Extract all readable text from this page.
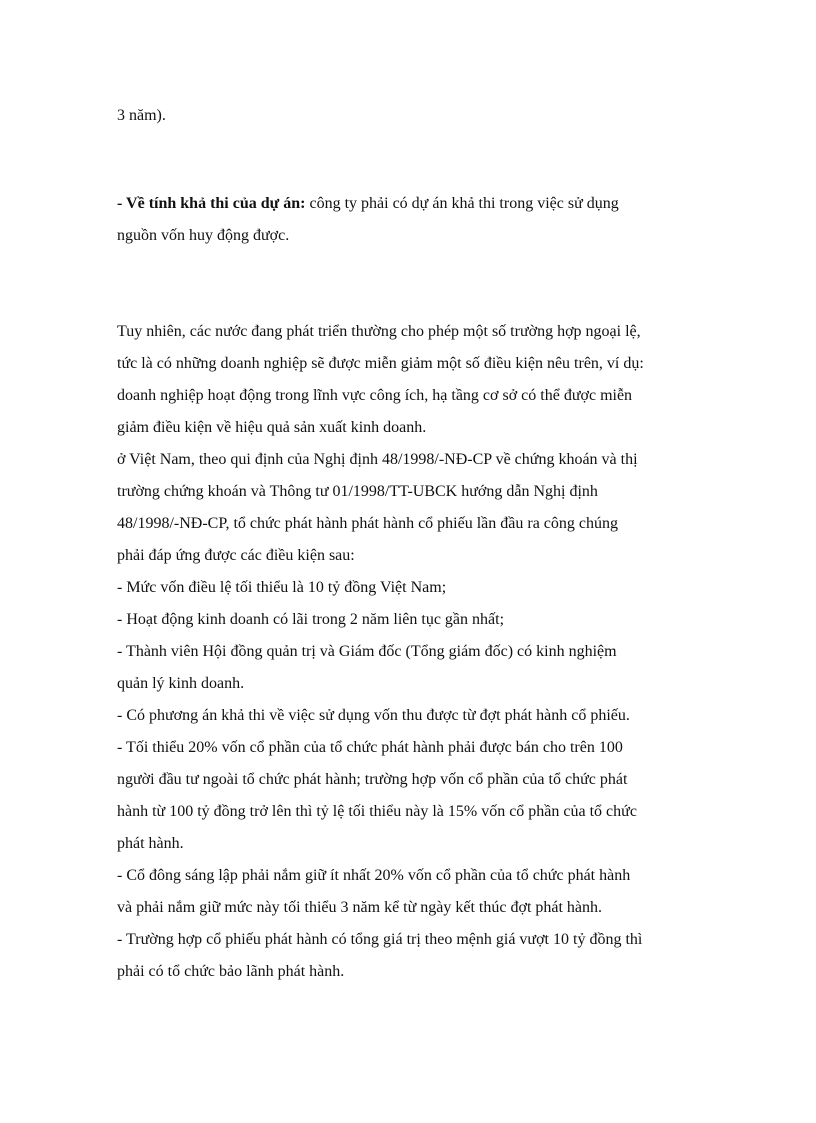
3 năm).
- Về tính khả thi của dự án: công ty phải có dự án khả thi trong việc sử dụng
nguồn vốn huy động được.
Tuy nhiên, các nước đang phát triển thường cho phép một số trường hợp ngoại lệ,
tức là có những doanh nghiệp sẽ được miễn giảm một số điều kiện nêu trên, ví dụ:
doanh nghiệp hoạt động trong lĩnh vực công ích, hạ tầng cơ sở có thể được miễn
giảm điều kiện về hiệu quả sản xuất kinh doanh.
ở Việt Nam, theo qui định của Nghị định 48/1998/-NĐ-CP về chứng khoán và thị
trường chứng khoán và Thông tư 01/1998/TT-UBCK hướng dẫn Nghị định
48/1998/-NĐ-CP, tổ chức phát hành phát hành cổ phiếu lần đầu ra công chúng
phải đáp ứng được các điều kiện sau:
- Mức vốn điều lệ tối thiểu là 10 tỷ đồng Việt Nam;
- Hoạt động kinh doanh có lãi trong 2 năm liên tục gần nhất;
- Thành viên Hội đồng quản trị và Giám đốc (Tổng giám đốc) có kinh nghiệm
quản lý kinh doanh.
- Có phương án khả thi về việc sử dụng vốn thu được từ đợt phát hành cổ phiếu.
- Tối thiểu 20% vốn cổ phần của tổ chức phát hành phải được bán cho trên 100
người đầu tư ngoài tổ chức phát hành; trường hợp vốn cổ phần của tổ chức phát
hành từ 100 tỷ đồng trở lên thì tỷ lệ tối thiểu này là 15% vốn cổ phần của tổ chức
phát hành.
- Cổ đông sáng lập phải nắm giữ ít nhất 20% vốn cổ phần của tổ chức phát hành
và phải nắm giữ mức này tối thiểu 3 năm kể từ ngày kết thúc đợt phát hành.
- Trường hợp cổ phiếu phát hành có tổng giá trị theo mệnh giá vượt 10 tỷ đồng thì
phải có tổ chức bảo lãnh phát hành.
